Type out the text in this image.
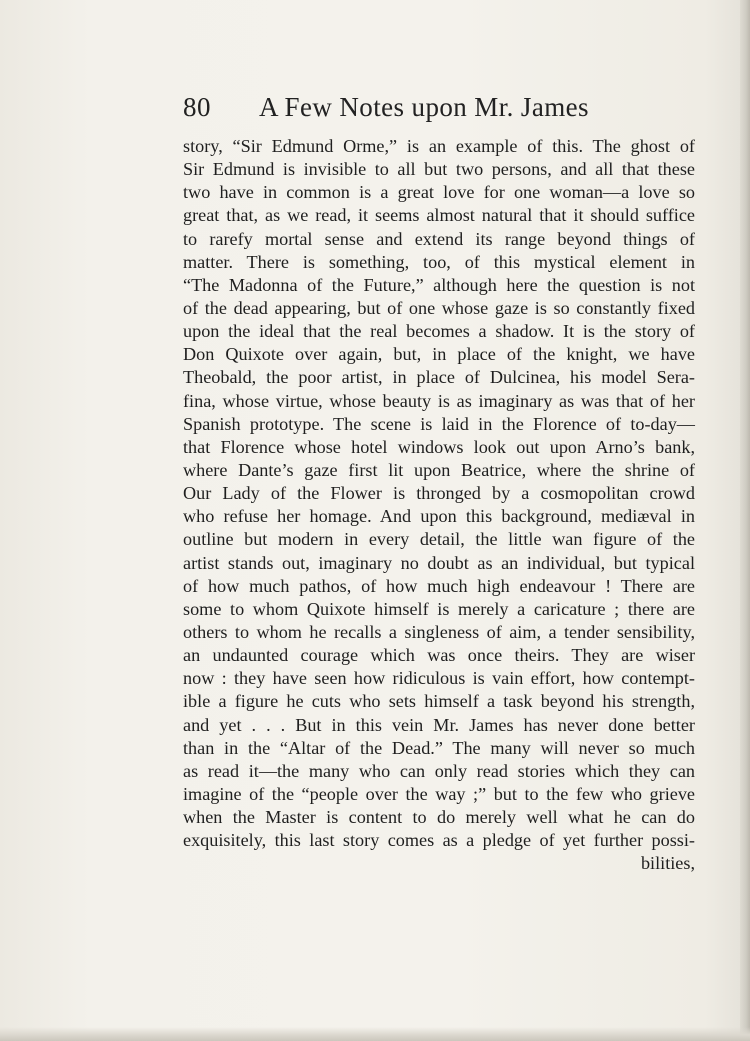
80 A Few Notes upon Mr. James
story, “Sir Edmund Orme,” is an example of this. The ghost of
Sir Edmund is invisible to all but two persons, and all that these
two have in common is a great love for one woman—a love so
great that, as we read, it seems almost natural that it should suffice
to rarefy mortal sense and extend its range beyond things of
matter. There is something, too, of this mystical element in
“The Madonna of the Future,” although here the question is not
of the dead appearing, but of one whose gaze is so constantly fixed
upon the ideal that the real becomes a shadow. It is the story of
Don Quixote over again, but, in place of the knight, we have
Theobald, the poor artist, in place of Dulcinea, his model Sera-
fina, whose virtue, whose beauty is as imaginary as was that of her
Spanish prototype. The scene is laid in the Florence of to-day—
that Florence whose hotel windows look out upon Arno’s bank,
where Dante’s gaze first lit upon Beatrice, where the shrine of
Our Lady of the Flower is thronged by a cosmopolitan crowd
who refuse her homage. And upon this background, mediæval in
outline but modern in every detail, the little wan figure of the
artist stands out, imaginary no doubt as an individual, but typical
of how much pathos, of how much high endeavour ! There are
some to whom Quixote himself is merely a caricature ; there are
others to whom he recalls a singleness of aim, a tender sensibility,
an undaunted courage which was once theirs. They are wiser
now : they have seen how ridiculous is vain effort, how contempt-
ible a figure he cuts who sets himself a task beyond his strength,
and yet . . . But in this vein Mr. James has never done better
than in the “Altar of the Dead.” The many will never so much
as read it—the many who can only read stories which they can
imagine of the “people over the way ;” but to the few who grieve
when the Master is content to do merely well what he can do
exquisitely, this last story comes as a pledge of yet further possi-
bilities,
